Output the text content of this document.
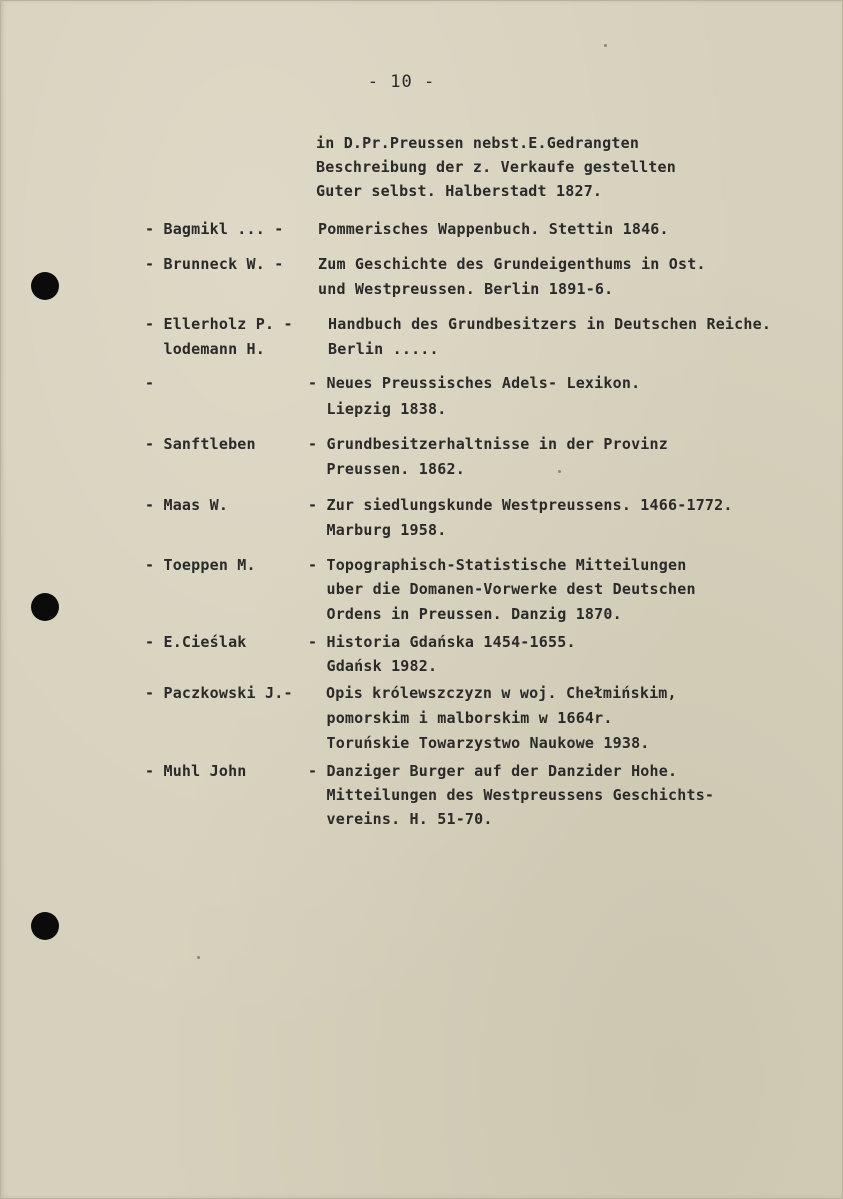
- 10 -
in D.Pr.Preussen nebst.E.Gedrangten
Beschreibung der z. Verkaufe gestellten
Guter selbst. Halberstadt 1827.
- Bagmikl ... - Pommerisches Wappenbuch. Stettin 1846.
- Brunneck W. - Zum Geschichte des Grundeigenthums in Ost.
und Westpreussen. Berlin 1891-6.
- Ellerholz P. - Handbuch des Grundbesitzers in Deutschen Reiche.
lodemann H.	Berlin .....
-	- Neues Preussisches Adels- Lexikon.
Liepzig 1838.
- Sanftleben	- Grundbesitzerhaltnisse in der Provinz
Preussen. 1862.
- Maas W.	- Zur siedlungskunde Westpreussens. 1466-1772.
Marburg 1958.
- Toeppen M.	- Topographisch-Statistische Mitteilungen
uber die Domanen-Vorwerke dest Deutschen
Ordens in Preussen. Danzig 1870.
- E.Cieślak	- Historia Gdańska 1454-1655.
Gdańsk 1982.
- Paczkowski J.- Opis królewszczyzn w woj. Chełmińskim,
pomorskim i malborskim w 1664r.
Toruńskie Towarzystwo Naukowe 1938.
- Muhl John	- Danziger Burger auf der Danzider Hohe.
Mitteilungen des Westpreussens Geschichts-
vereins. H. 51-70.
